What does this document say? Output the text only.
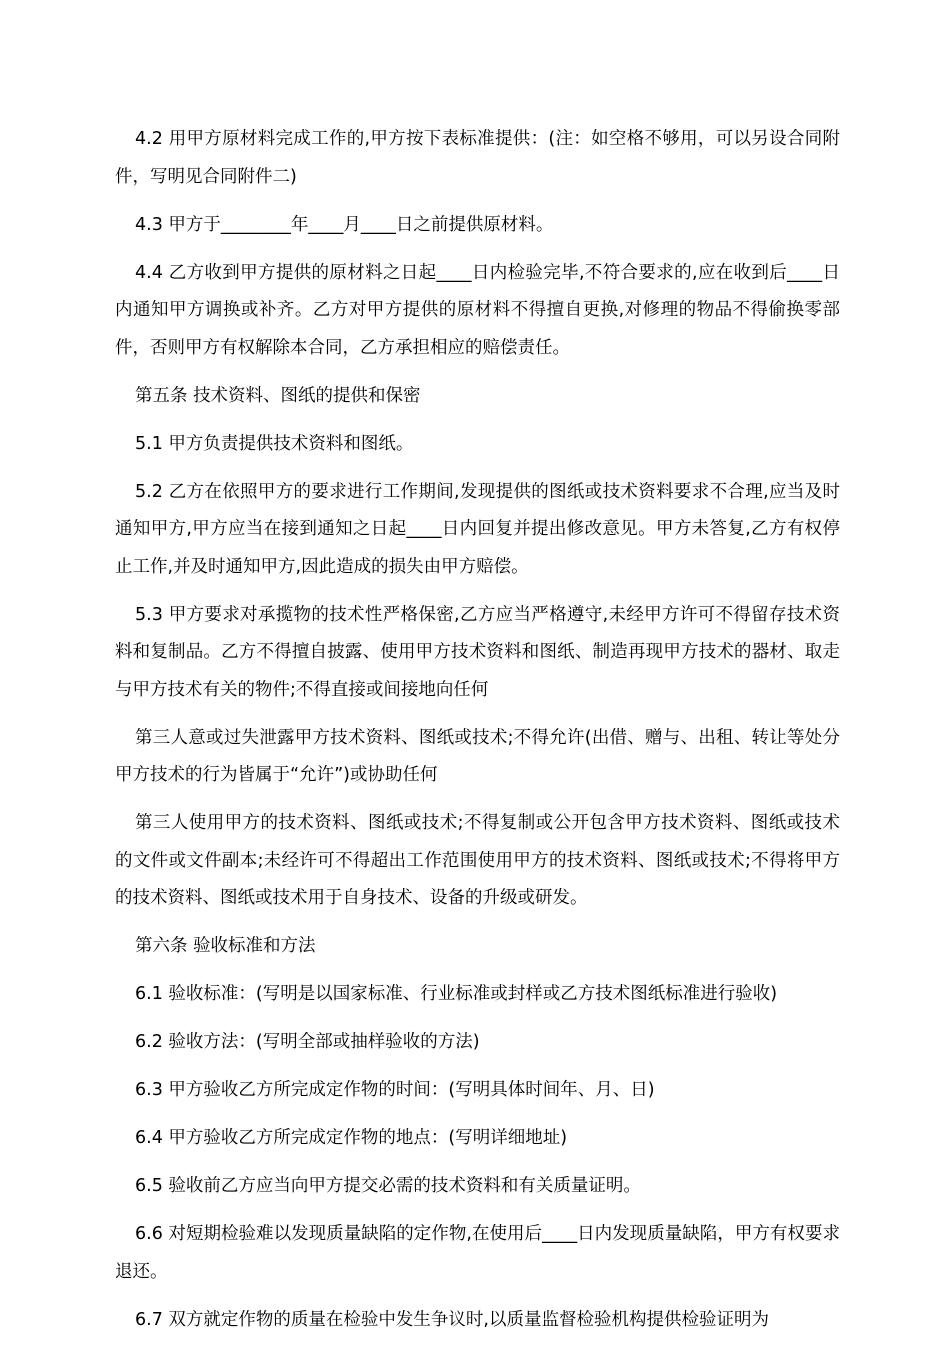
4.2 用甲方原材料完成工作的,甲方按下表标准提供：(注：如空格不够用，可以另设合同附件，写明见合同附件二)

4.3 甲方于________年____月____日之前提供原材料。

4.4 乙方收到甲方提供的原材料之日起____日内检验完毕,不符合要求的,应在收到后____日内通知甲方调换或补齐。乙方对甲方提供的原材料不得擅自更换,对修理的物品不得偷换零部件，否则甲方有权解除本合同，乙方承担相应的赔偿责任。

第五条 技术资料、图纸的提供和保密

5.1 甲方负责提供技术资料和图纸。

5.2 乙方在依照甲方的要求进行工作期间,发现提供的图纸或技术资料要求不合理,应当及时通知甲方,甲方应当在接到通知之日起____日内回复并提出修改意见。甲方未答复,乙方有权停止工作,并及时通知甲方,因此造成的损失由甲方赔偿。

5.3 甲方要求对承揽物的技术性严格保密,乙方应当严格遵守,未经甲方许可不得留存技术资料和复制品。乙方不得擅自披露、使用甲方技术资料和图纸、制造再现甲方技术的器材、取走与甲方技术有关的物件;不得直接或间接地向任何

第三人意或过失泄露甲方技术资料、图纸或技术;不得允许(出借、赠与、出租、转让等处分甲方技术的行为皆属于“允许”)或协助任何

第三人使用甲方的技术资料、图纸或技术;不得复制或公开包含甲方技术资料、图纸或技术的文件或文件副本;未经许可不得超出工作范围使用甲方的技术资料、图纸或技术;不得将甲方的技术资料、图纸或技术用于自身技术、设备的升级或研发。

第六条 验收标准和方法

6.1 验收标准：(写明是以国家标准、行业标准或封样或乙方技术图纸标准进行验收)

6.2 验收方法：(写明全部或抽样验收的方法)

6.3 甲方验收乙方所完成定作物的时间：(写明具体时间年、月、日)

6.4 甲方验收乙方所完成定作物的地点：(写明详细地址)

6.5 验收前乙方应当向甲方提交必需的技术资料和有关质量证明。

6.6 对短期检验难以发现质量缺陷的定作物,在使用后____日内发现质量缺陷，甲方有权要求退还。

6.7 双方就定作物的质量在检验中发生争议时,以质量监督检验机构提供检验证明为
